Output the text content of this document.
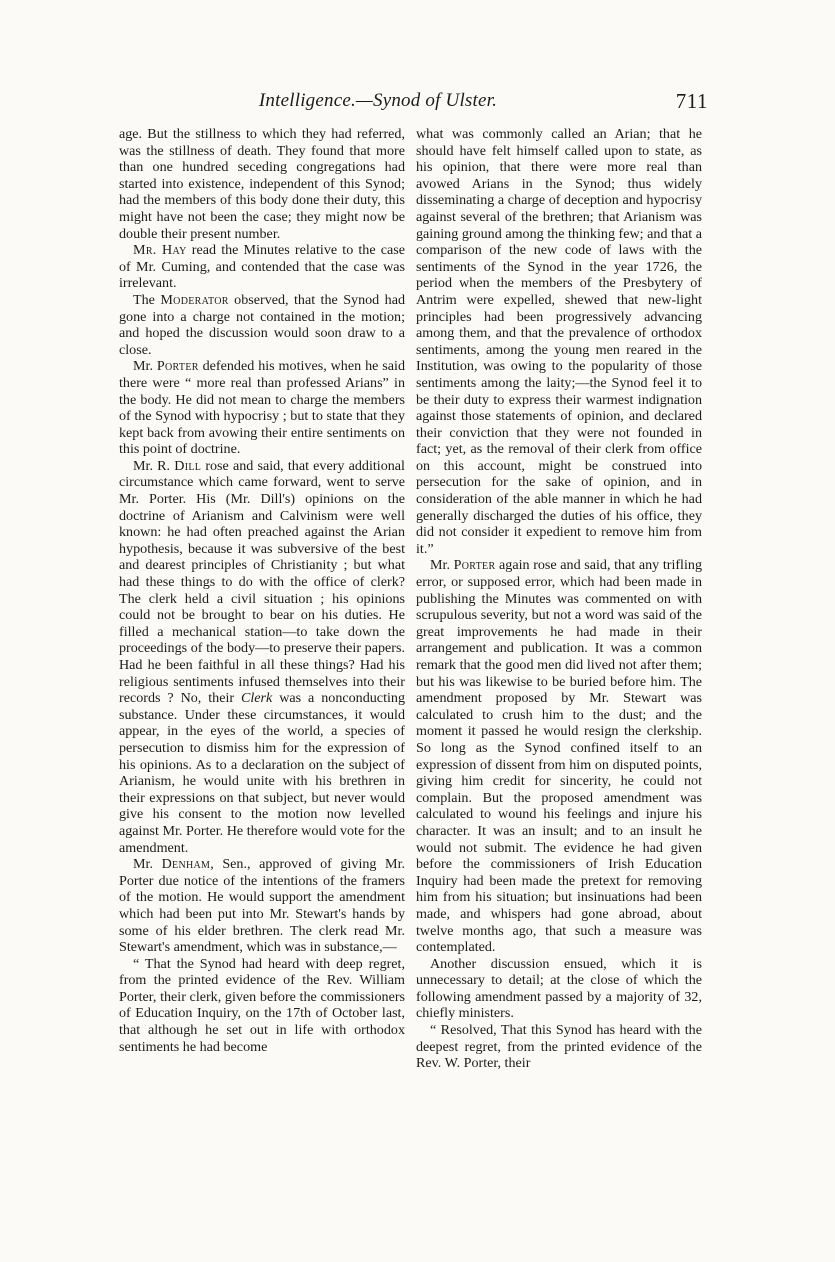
Intelligence.—Synod of Ulster.	711

age. But the stillness to which they had referred, was the stillness of death. They found that more than one hundred seceding congregations had started into existence, independent of this Synod; had the members of this body done their duty, this might have not been the case; they might now be double their present number.

Mr. Hay read the Minutes relative to the case of Mr. Cuming, and contended that the case was irrelevant.

The Moderator observed, that the Synod had gone into a charge not contained in the motion; and hoped the discussion would soon draw to a close.

Mr. Porter defended his motives, when he said there were “ more real than professed Arians” in the body. He did not mean to charge the members of the Synod with hypocrisy ; but to state that they kept back from avowing their entire sentiments on this point of doctrine.

Mr. R. Dill rose and said, that every additional circumstance which came forward, went to serve Mr. Porter. His (Mr. Dill's) opinions on the doctrine of Arianism and Calvinism were well known: he had often preached against the Arian hypothesis, because it was subversive of the best and dearest principles of Christianity ; but what had these things to do with the office of clerk? The clerk held a civil situation ; his opinions could not be brought to bear on his duties. He filled a mechanical station—to take down the proceedings of the body—to preserve their papers. Had he been faithful in all these things? Had his religious sentiments infused themselves into their records ? No, their Clerk was a nonconducting substance. Under these circumstances, it would appear, in the eyes of the world, a species of persecution to dismiss him for the expression of his opinions. As to a declaration on the subject of Arianism, he would unite with his brethren in their expressions on that subject, but never would give his consent to the motion now levelled against Mr. Porter. He therefore would vote for the amendment.

Mr. Denham, Sen., approved of giving Mr. Porter due notice of the intentions of the framers of the motion. He would support the amendment which had been put into Mr. Stewart's hands by some of his elder brethren. The clerk read Mr. Stewart's amendment, which was in substance,—

“ That the Synod had heard with deep regret, from the printed evidence of the Rev. William Porter, their clerk, given before the commissioners of Education Inquiry, on the 17th of October last, that although he set out in life with orthodox sentiments he had become

what was commonly called an Arian; that he should have felt himself called upon to state, as his opinion, that there were more real than avowed Arians in the Synod; thus widely disseminating a charge of deception and hypocrisy against several of the brethren; that Arianism was gaining ground among the thinking few; and that a comparison of the new code of laws with the sentiments of the Synod in the year 1726, the period when the members of the Presbytery of Antrim were expelled, shewed that new-light principles had been progressively advancing among them, and that the prevalence of orthodox sentiments, among the young men reared in the Institution, was owing to the popularity of those sentiments among the laity;—the Synod feel it to be their duty to express their warmest indignation against those statements of opinion, and declared their conviction that they were not founded in fact; yet, as the removal of their clerk from office on this account, might be construed into persecution for the sake of opinion, and in consideration of the able manner in which he had generally discharged the duties of his office, they did not consider it expedient to remove him from it.”

Mr. Porter again rose and said, that any trifling error, or supposed error, which had been made in publishing the Minutes was commented on with scrupulous severity, but not a word was said of the great improvements he had made in their arrangement and publication. It was a common remark that the good men did lived not after them; but his was likewise to be buried before him. The amendment proposed by Mr. Stewart was calculated to crush him to the dust; and the moment it passed he would resign the clerkship. So long as the Synod confined itself to an expression of dissent from him on disputed points, giving him credit for sincerity, he could not complain. But the proposed amendment was calculated to wound his feelings and injure his character. It was an insult; and to an insult he would not submit. The evidence he had given before the commissioners of Irish Education Inquiry had been made the pretext for removing him from his situation; but insinuations had been made, and whispers had gone abroad, about twelve months ago, that such a measure was contemplated.

Another discussion ensued, which it is unnecessary to detail; at the close of which the following amendment passed by a majority of 32, chiefly ministers.

“ Resolved, That this Synod has heard with the deepest regret, from the printed evidence of the Rev. W. Porter, their
